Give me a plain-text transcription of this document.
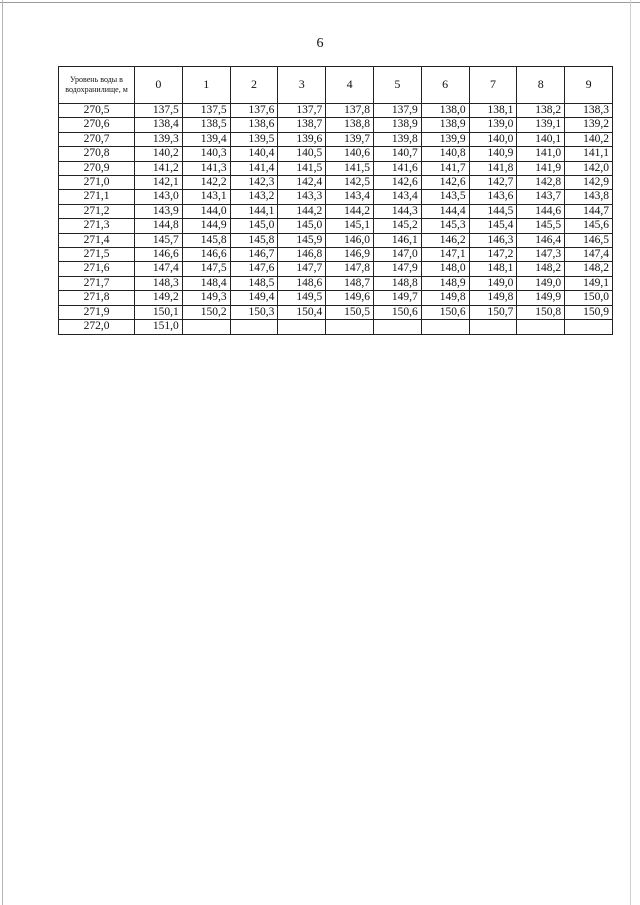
6
Уровень воды в водохранилище, м	0	1	2	3	4	5	6	7	8	9
270,5	137,5	137,5	137,6	137,7	137,8	137,9	138,0	138,1	138,2	138,3
270,6	138,4	138,5	138,6	138,7	138,8	138,9	138,9	139,0	139,1	139,2
270,7	139,3	139,4	139,5	139,6	139,7	139,8	139,9	140,0	140,1	140,2
270,8	140,2	140,3	140,4	140,5	140,6	140,7	140,8	140,9	141,0	141,1
270,9	141,2	141,3	141,4	141,5	141,5	141,6	141,7	141,8	141,9	142,0
271,0	142,1	142,2	142,3	142,4	142,5	142,6	142,6	142,7	142,8	142,9
271,1	143,0	143,1	143,2	143,3	143,4	143,4	143,5	143,6	143,7	143,8
271,2	143,9	144,0	144,1	144,2	144,2	144,3	144,4	144,5	144,6	144,7
271,3	144,8	144,9	145,0	145,0	145,1	145,2	145,3	145,4	145,5	145,6
271,4	145,7	145,8	145,8	145,9	146,0	146,1	146,2	146,3	146,4	146,5
271,5	146,6	146,6	146,7	146,8	146,9	147,0	147,1	147,2	147,3	147,4
271,6	147,4	147,5	147,6	147,7	147,8	147,9	148,0	148,1	148,2	148,2
271,7	148,3	148,4	148,5	148,6	148,7	148,8	148,9	149,0	149,0	149,1
271,8	149,2	149,3	149,4	149,5	149,6	149,7	149,8	149,8	149,9	150,0
271,9	150,1	150,2	150,3	150,4	150,5	150,6	150,6	150,7	150,8	150,9
272,0	151,0									
